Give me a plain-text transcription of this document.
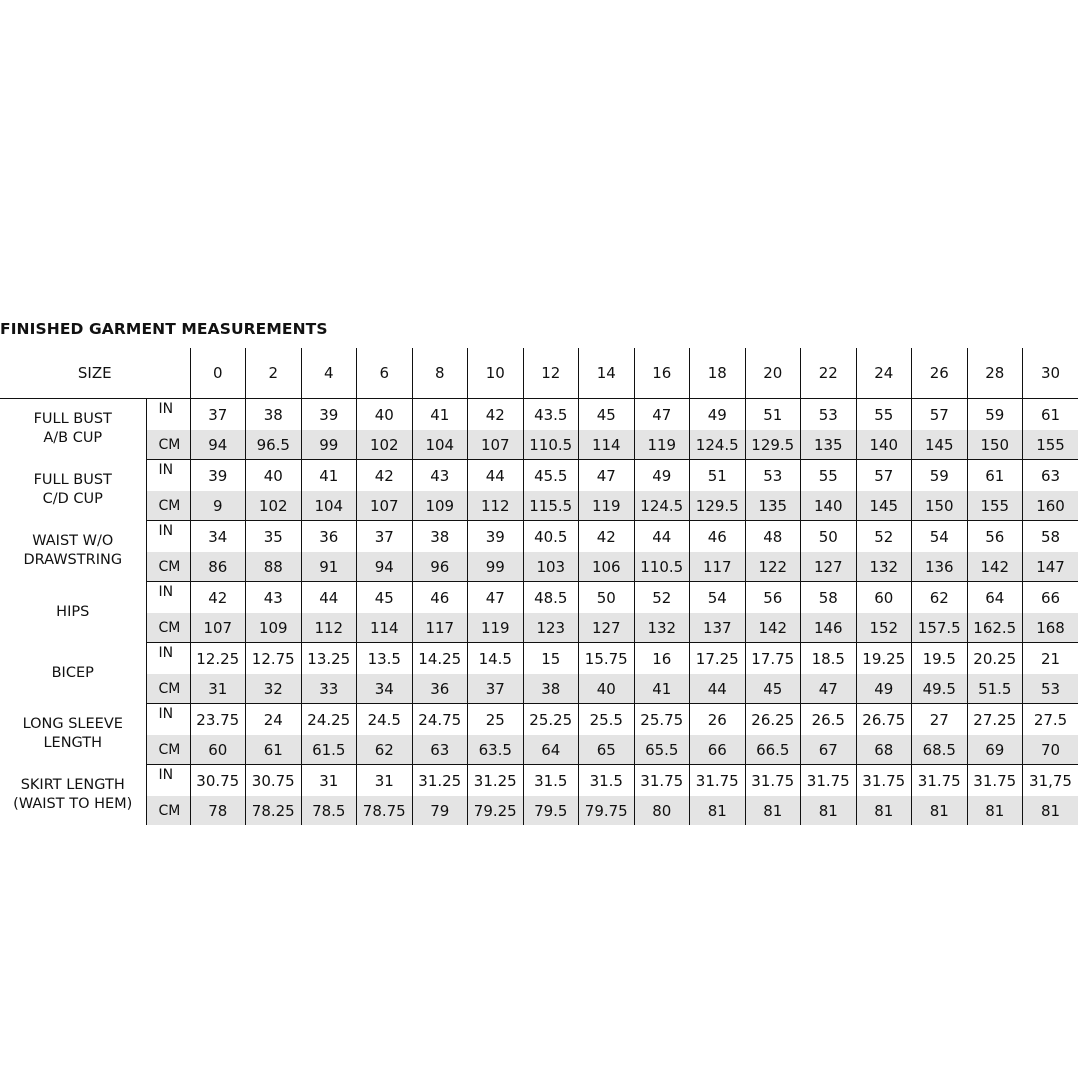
FINISHED GARMENT MEASUREMENTS
SIZE		0	2	4	6	8	10	12	14	16	18	20	22	24	26	28	30

FULL BUST
A/B CUP	IN	37	38	39	40	41	42	43.5	45	47	49	51	53	55	57	59	61
	CM	94	96.5	99	102	104	107	110.5	114	119	124.5	129.5	135	140	145	150	155

FULL BUST
C/D CUP	IN	39	40	41	42	43	44	45.5	47	49	51	53	55	57	59	61	63
	CM	9	102	104	107	109	112	115.5	119	124.5	129.5	135	140	145	150	155	160

WAIST W/O
DRAWSTRING	IN	34	35	36	37	38	39	40.5	42	44	46	48	50	52	54	56	58
	CM	86	88	91	94	96	99	103	106	110.5	117	122	127	132	136	142	147

HIPS	IN	42	43	44	45	46	47	48.5	50	52	54	56	58	60	62	64	66
	CM	107	109	112	114	117	119	123	127	132	137	142	146	152	157.5	162.5	168

BICEP	IN	12.25	12.75	13.25	13.5	14.25	14.5	15	15.75	16	17.25	17.75	18.5	19.25	19.5	20.25	21
	CM	31	32	33	34	36	37	38	40	41	44	45	47	49	49.5	51.5	53

LONG SLEEVE
LENGTH	IN	23.75	24	24.25	24.5	24.75	25	25.25	25.5	25.75	26	26.25	26.5	26.75	27	27.25	27.5
	CM	60	61	61.5	62	63	63.5	64	65	65.5	66	66.5	67	68	68.5	69	70

SKIRT LENGTH
(WAIST TO HEM)	IN	30.75	30.75	31	31	31.25	31.25	31.5	31.5	31.75	31.75	31.75	31.75	31.75	31.75	31.75	31,75
	CM	78	78.25	78.5	78.75	79	79.25	79.5	79.75	80	81	81	81	81	81	81	81
